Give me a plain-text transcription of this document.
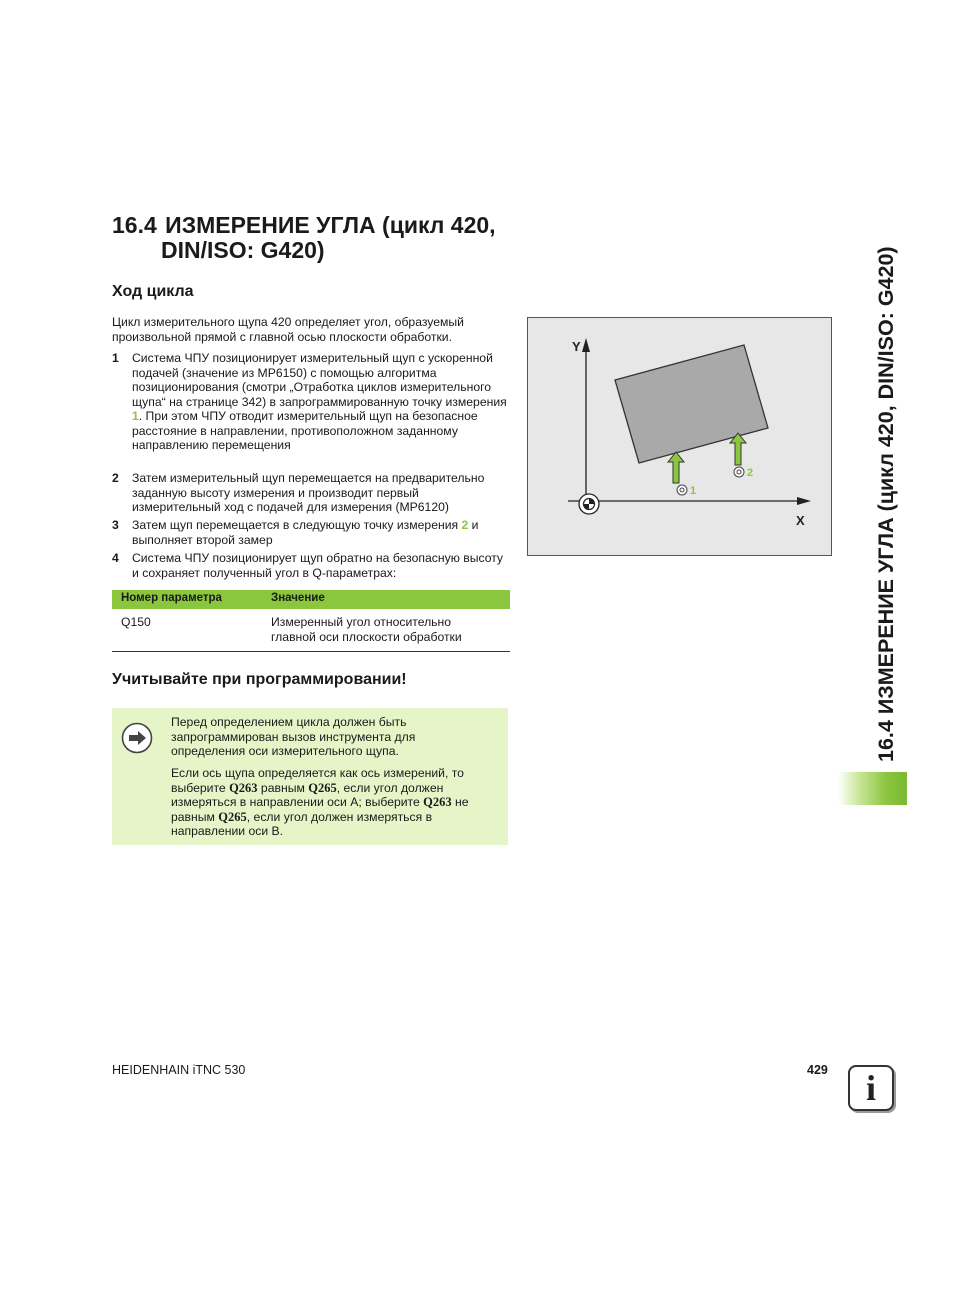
16.4 ИЗМЕРЕНИЕ УГЛА (цикл 420,
DIN/ISO: G420)
Ход цикла
Цикл измерительного щупа 420 определяет угол, образуемый произвольной прямой с главной осью плоскости обработки.
1 Система ЧПУ позиционирует измерительный щуп с ускоренной подачей (значение из MP6150) с помощью алгоритма позиционирования (смотри „Отработка циклов измерительного щупа“ на странице 342) в запрограммированную точку измерения 1. При этом ЧПУ отводит измерительный щуп на безопасное расстояние в направлении, противоположном заданному направлению перемещения
2 Затем измерительный щуп перемещается на предварительно заданную высоту измерения и производит первый измерительный ход с подачей для измерения (MP6120)
3 Затем щуп перемещается в следующую точку измерения 2 и выполняет второй замер
4 Система ЧПУ позиционирует щуп обратно на безопасную высоту и сохраняет полученный угол в Q-параметрах:
Номер параметра	Значение
Q150	Измеренный угол относительно главной оси плоскости обработки
Учитывайте при программировании!
Перед определением цикла должен быть запрограммирован вызов инструмента для определения оси измерительного щупа.
Если ось щупа определяется как ось измерений, то выберите Q263 равным Q265, если угол должен измеряться в направлении оси A; выберите Q263 не равным Q265, если угол должен измеряться в направлении оси B.
Y
X
1
2	16.4 ИЗМЕРЕНИЕ УГЛА (цикл 420, DIN/ISO: G420)
HEIDENHAIN iTNC 530	429	i
